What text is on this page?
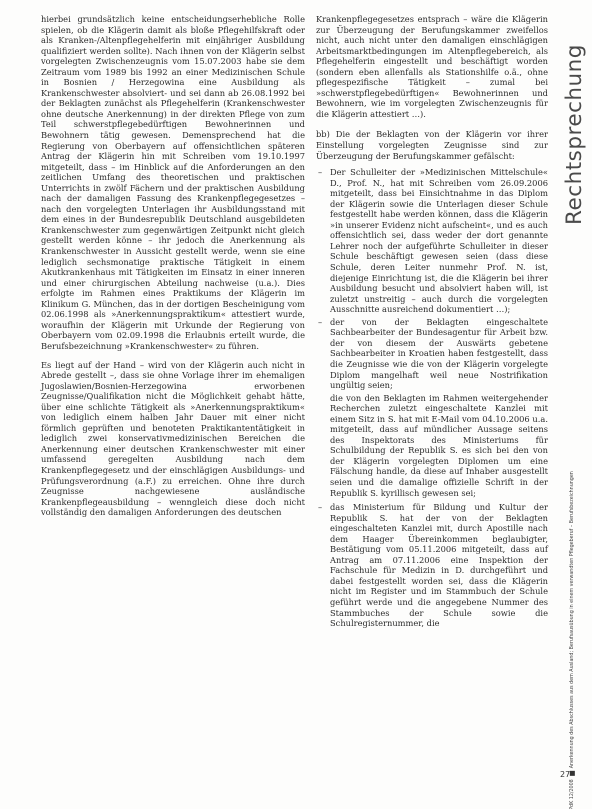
hierbei grundsätzlich keine entscheidungserhebliche Rolle spielen, ob die Klägerin damit als bloße Pflegehilfskraft oder als Kranken-/Altenpflegehelferin mit einjähriger Ausbildung qualifiziert werden sollte). Nach ihnen von der Klägerin selbst vorgelegten Zwischenzeugnis vom 15.07.2003 habe sie dem Zeitraum vom 1989 bis 1992 an einer Medizinischen Schule in Bosnien / Herzegowina eine Ausbildung als Krankenschwester absolviert- und sei dann ab 26.08.1992 bei der Beklagten zunächst als Pflegehelferin (Krankenschwester ohne deutsche Anerkennung) in der direkten Pflege von zum Teil schwerstpflegebedürftigen Bewohnerinnen und Bewohnern tätig gewesen. Demensprechend hat die Regierung von Oberbayern auf offensichtlichen späteren Antrag der Klägerin hin mit Schreiben vom 19.10.1997 mitgeteilt, dass – im Hinblick auf die Anforderungen an den zeitlichen Umfang des theoretischen und praktischen Unterrichts in zwölf Fächern und der praktischen Ausbildung nach der damaligen Fassung des Krankenpflegegesetzes – nach den vorgelegten Unterlagen ihr Ausbildungsstand mit dem eines in der Bundesrepublik Deutschland ausgebildeten Krankenschwester zum gegenwärtigen Zeitpunkt nicht gleich gestellt werden könne – ihr jedoch die Anerkennung als Krankenschwester in Aussicht gestellt werde, wenn sie eine lediglich sechsmonatige praktische Tätigkeit in einem Akutkrankenhaus mit Tätigkeiten im Einsatz in einer inneren und einer chirurgischen Abteilung nachweise (u.a.). Dies erfolgte im Rahmen eines Praktikums der Klägerin im Klinikum G. München, das in der dortigen Bescheinigung vom 02.06.1998 als »Anerkennungspraktikum« attestiert wurde, woraufhin der Klägerin mit Urkunde der Regierung von Oberbayern vom 02.09.1998 die Erlaubnis erteilt wurde, die Berufsbezeichnung »Krankenschwester« zu führen.

Es liegt auf der Hand – wird von der Klägerin auch nicht in Abrede gestellt –, dass sie ohne Vorlage ihrer im ehemaligen Jugoslawien/Bosnien-Herzegowina erworbenen Zeugnisse/Qualifikation nicht die Möglichkeit gehabt hätte, über eine schlichte Tätigkeit als »Anerkennungspraktikum« von lediglich einem halben Jahr Dauer mit einer nicht förmlich geprüften und benoteten Praktikantentätigkeit in lediglich zwei konservativmedizinischen Bereichen die Anerkennung einer deutschen Krankenschwester mit einer umfassend geregelten Ausbildung nach dem Krankenpflegegesetz und der einschlägigen Ausbildungs- und Prüfungsverordnung (a.F.) zu erreichen. Ohne ihre durch Zeugnisse nachgewiesene ausländische Krankenpflegeausbildung – wenngleich diese doch nicht vollständig den damaligen Anforderungen des deutschen

Krankenpflegegesetzes entsprach – wäre die Klägerin zur Überzeugung der Berufungskammer zweifellos nicht, auch nicht unter den damaligen einschlägigen Arbeitsmarktbedingungen im Altenpflegebereich, als Pflegehelferin eingestellt und beschäftigt worden (sondern eben allenfalls als Stationshilfe o.ä., ohne pflegespezifische Tätigkeit – zumal bei »schwerstpflegebedürftigen« Bewohnerinnen und Bewohnern, wie im vorgelegten Zwischenzeugnis für die Klägerin attestiert …).

bb) Die der Beklagten von der Klägerin vor ihrer Einstellung vorgelegten Zeugnisse sind zur Überzeugung der Berufungskammer gefälscht:

– Der Schulleiter der »Medizinischen Mittelschule« D., Prof. N., hat mit Schreiben vom 26.09.2006 mitgeteilt, dass bei Einsichtnahme in das Diplom der Klägerin sowie die Unterlagen dieser Schule festgestellt habe werden können, dass die Klägerin »in unserer Evidenz nicht aufscheint«, und es auch offensichtlich sei, dass weder der dort genannte Lehrer noch der aufgeführte Schulleiter in dieser Schule beschäftigt gewesen seien (dass diese Schule, deren Leiter nunmehr Prof. N. ist, diejenige Einrichtung ist, die die Klägerin bei ihrer Ausbildung besucht und absolviert haben will, ist zuletzt unstreitig – auch durch die vorgelegten Ausschnitte ausreichend dokumentiert …);
– der von der Beklagten eingeschaltete Sachbearbeiter der Bundesagentur für Arbeit bzw. der von diesem der Auswärts gebetene Sachbearbeiter in Kroatien haben festgestellt, dass die Zeugnisse wie die von der Klägerin vorgelegte Diplom mangelhaft weil neue Nostrifikation ungültig seien;

die von den Beklagten im Rahmen weitergehender Recherchen zuletzt eingeschaltete Kanzlei mit einem Sitz in S. hat mit E-Mail vom 04.10.2006 u.a. mitgeteilt, dass auf mündlicher Aussage seitens des Inspektorats des Ministeriums für Schulbildung der Republik S. es sich bei den von der Klägerin vorgelegten Diplomen um eine Fälschung handle, da diese auf Inhaber ausgestellt seien und die damalige offizielle Schrift in der Republik S. kyrillisch gewesen sei;

– das Ministerium für Bildung und Kultur der Republik S. hat der von der Beklagten eingeschalteten Kanzlei mit, durch Apostille nach dem Haager Übereinkommen beglaubigter, Bestätigung vom 05.11.2006 mitgeteilt, dass auf Antrag am 07.11.2006 eine Inspektion der Fachschule für Medizin in D. durchgeführt und dabei festgestellt worden sei, dass die Klägerin nicht im Register und im Stammbuch der Schule geführt werde und die angegebene Nummer des Stammbuches der Schule sowie die Schulregisternummer, die
Rechtsprechung
PdK 12/2008
Anerkennung des Abschlusses aus dem Ausland; Berufsausübung in einem verwandten Pflegeberuf – Berufsbezeichnungen
27
